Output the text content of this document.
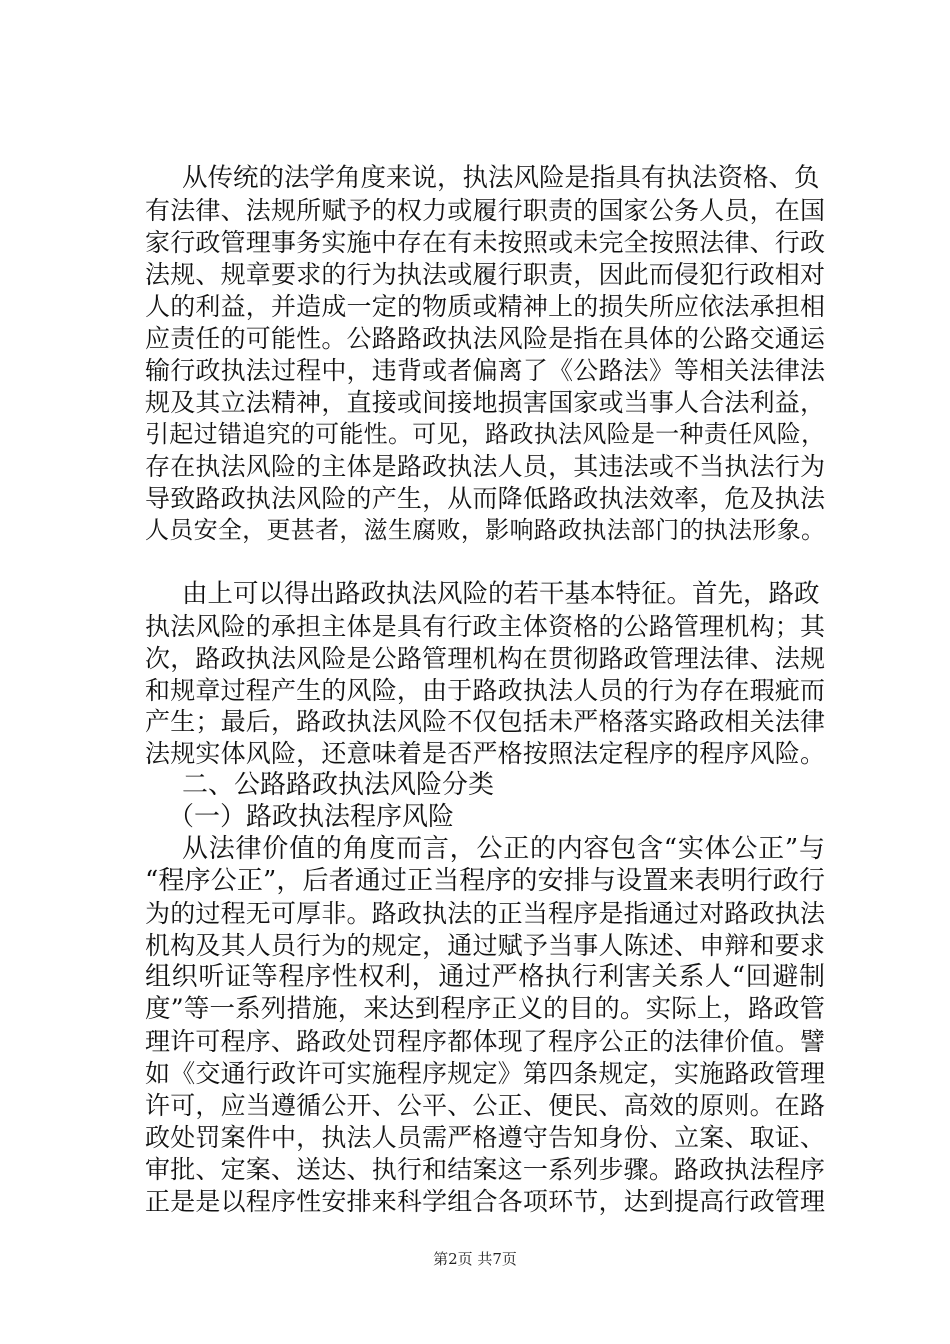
从传统的法学角度来说，执法风险是指具有执法资格、负
有法律、法规所赋予的权力或履行职责的国家公务人员，在国
家行政管理事务实施中存在有未按照或未完全按照法律、行政
法规、规章要求的行为执法或履行职责，因此而侵犯行政相对
人的利益，并造成一定的物质或精神上的损失所应依法承担相
应责任的可能性。公路路政执法风险是指在具体的公路交通运
输行政执法过程中，违背或者偏离了《公路法》等相关法律法
规及其立法精神，直接或间接地损害国家或当事人合法利益，
引起过错追究的可能性。可见，路政执法风险是一种责任风险，
存在执法风险的主体是路政执法人员，其违法或不当执法行为
导致路政执法风险的产生，从而降低路政执法效率，危及执法
人员安全，更甚者，滋生腐败，影响路政执法部门的执法形象。
由上可以得出路政执法风险的若干基本特征。首先，路政
执法风险的承担主体是具有行政主体资格的公路管理机构；其
次，路政执法风险是公路管理机构在贯彻路政管理法律、法规
和规章过程产生的风险，由于路政执法人员的行为存在瑕疵而
产生；最后，路政执法风险不仅包括未严格落实路政相关法律
法规实体风险，还意味着是否严格按照法定程序的程序风险。
二、公路路政执法风险分类
（一）路政执法程序风险
从法律价值的角度而言，公正的内容包含“实体公正”与
“程序公正”，后者通过正当程序的安排与设置来表明行政行
为的过程无可厚非。路政执法的正当程序是指通过对路政执法
机构及其人员行为的规定，通过赋予当事人陈述、申辩和要求
组织听证等程序性权利，通过严格执行利害关系人“回避制
度”等一系列措施，来达到程序正义的目的。实际上，路政管
理许可程序、路政处罚程序都体现了程序公正的法律价值。譬
如《交通行政许可实施程序规定》第四条规定，实施路政管理
许可，应当遵循公开、公平、公正、便民、高效的原则。在路
政处罚案件中，执法人员需严格遵守告知身份、立案、取证、
审批、定案、送达、执行和结案这一系列步骤。路政执法程序
正是是以程序性安排来科学组合各项环节，达到提高行政管理
第2页 共7页
